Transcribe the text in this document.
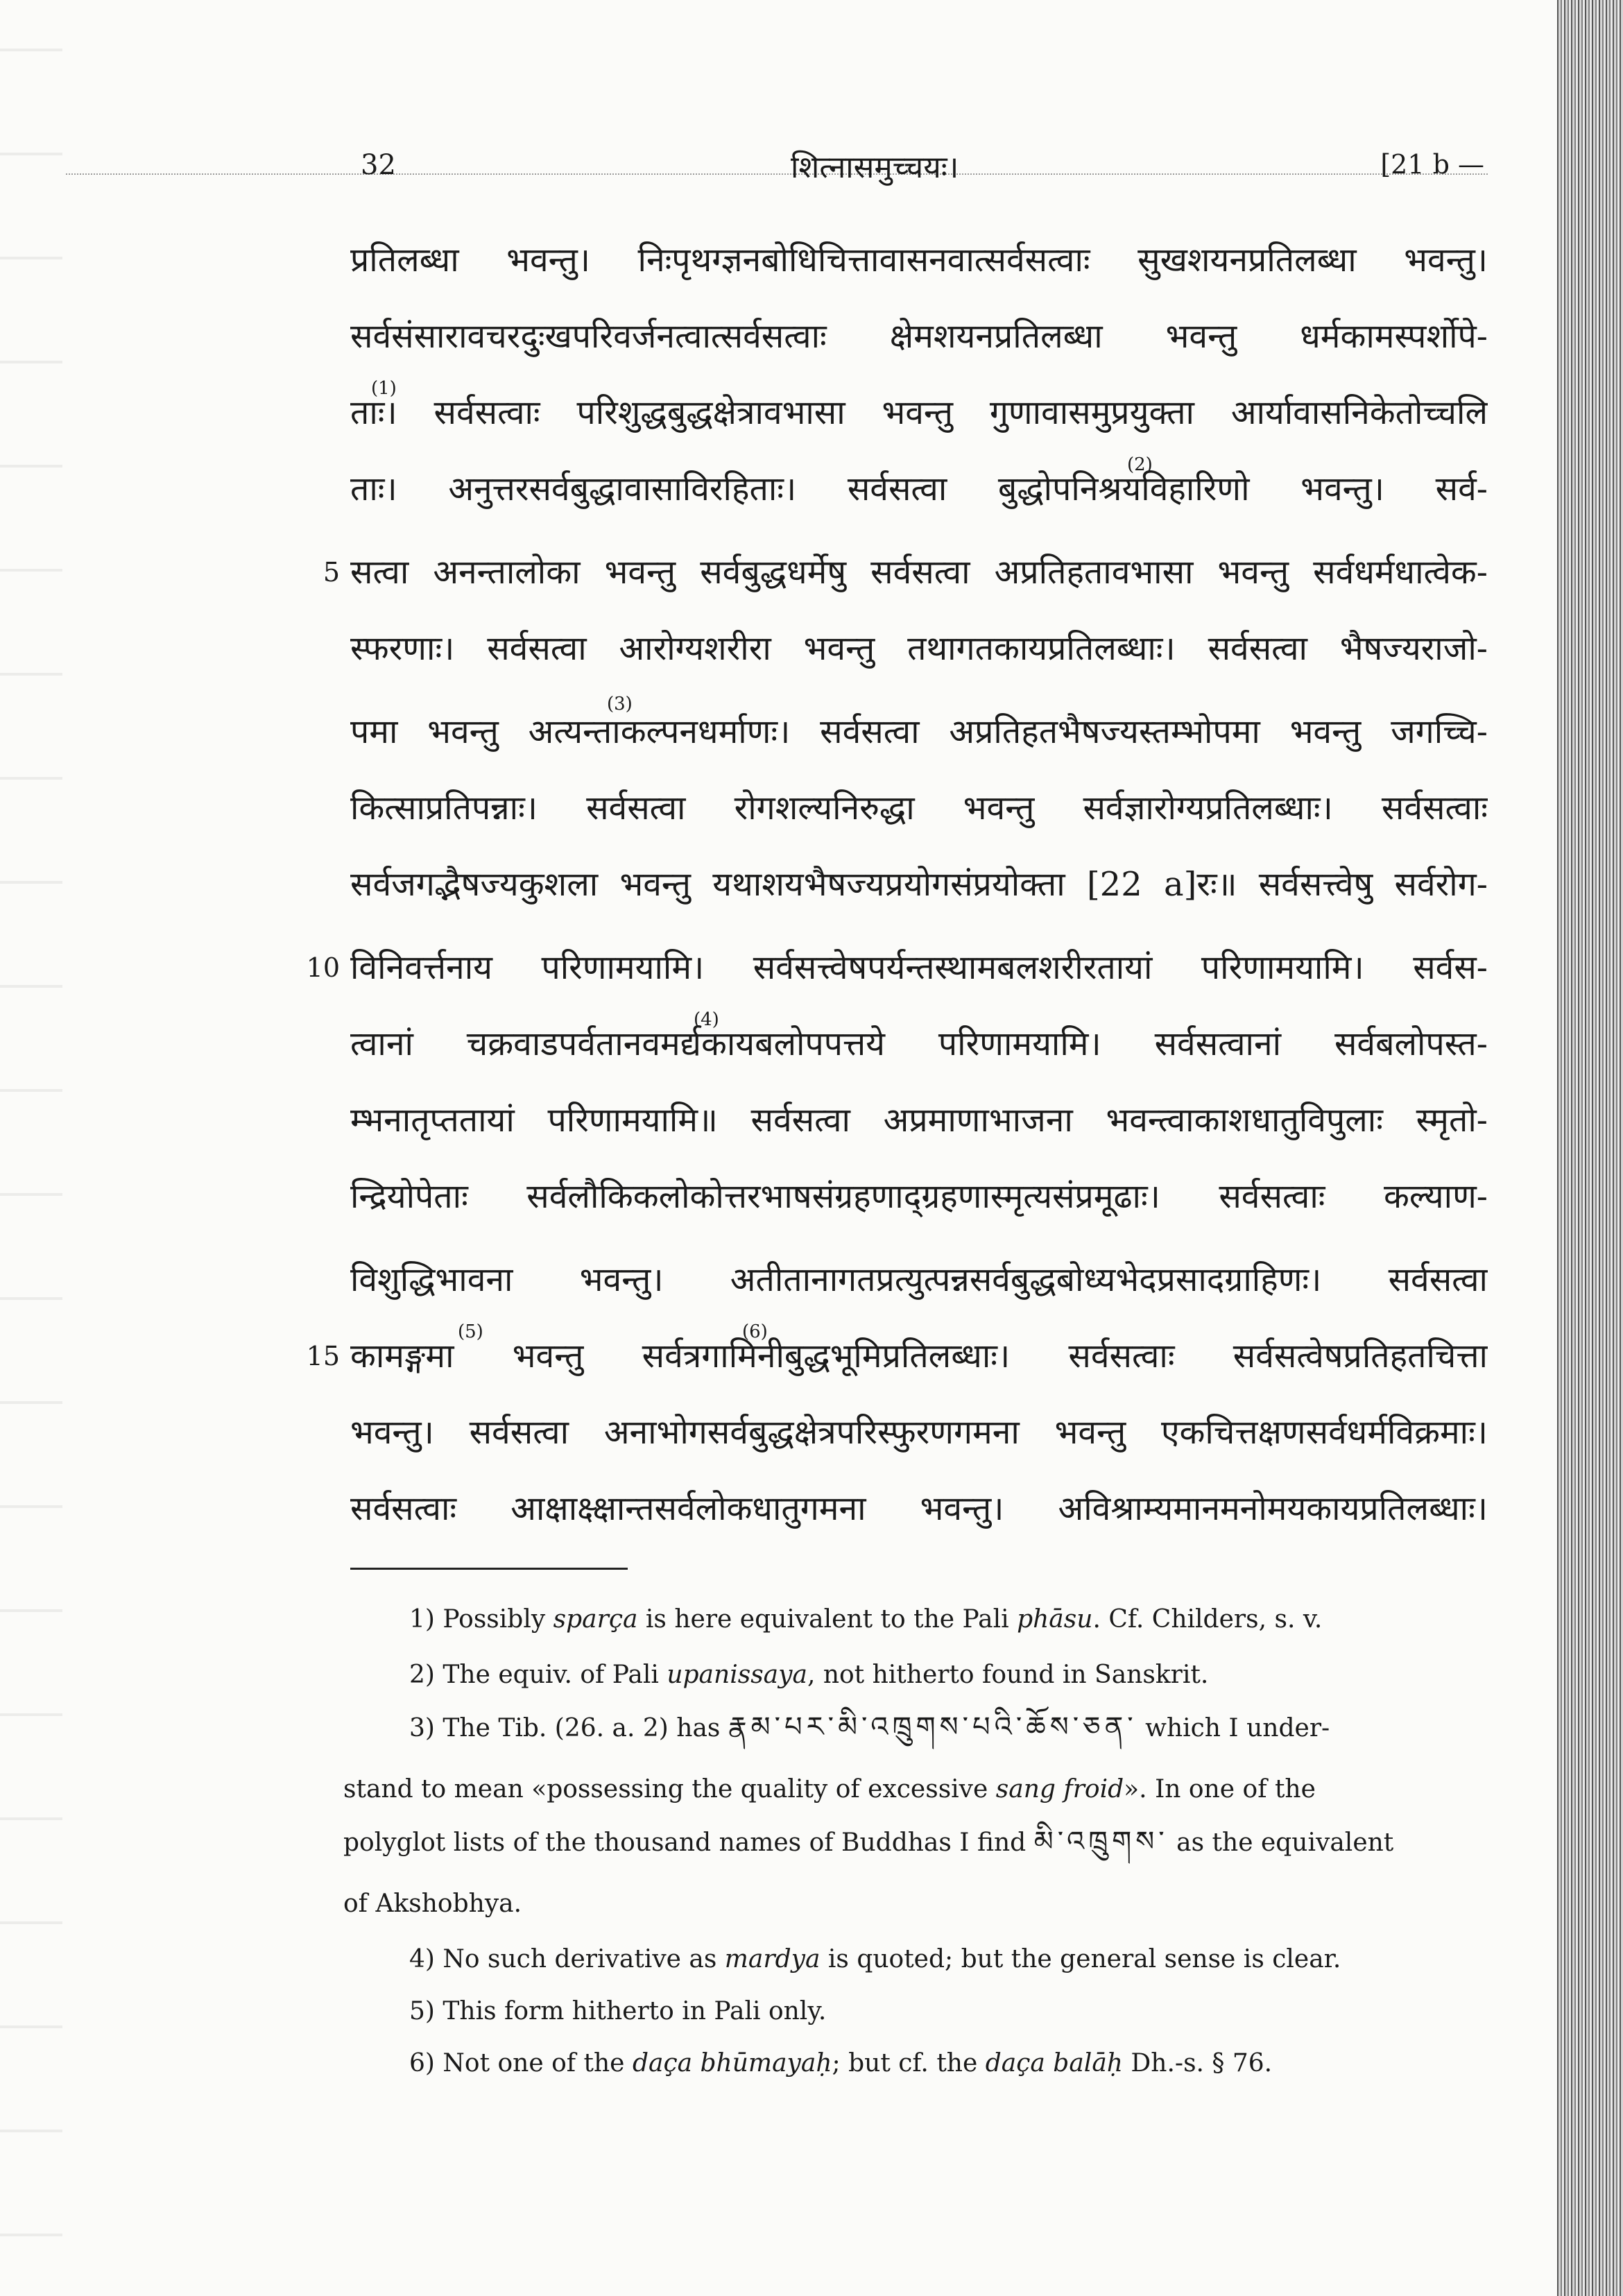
32	शित्नासमुच्चयः।	[21 b —
प्रतिलब्धा भवन्तु। निःपृथग्ज्ञनबोधिचित्तावासनवात्सर्वसत्वाः सुखशयनप्रतिलब्धा भवन्तु।
सर्वसंसारावचरदुःखपरिवर्जनत्वात्सर्वसत्वाः क्षेमशयनप्रतिलब्धा भवन्तु धर्मकामस्पर्शोपे-
ताः। सर्वसत्वाः परिशुद्धबुद्धक्षेत्रावभासा भवन्तु गुणावासमुप्रयुक्ता आर्यावासनिकेतोच्चलि
ताः। अनुत्तरसर्वबुद्धावासाविरहिताः। सर्वसत्वा बुद्धोपनिश्रयविहारिणो भवन्तु। सर्व-
5 सत्वा अनन्तालोका भवन्तु सर्वबुद्धधर्मेषु सर्वसत्वा अप्रतिहतावभासा भवन्तु सर्वधर्मधात्वेक-
स्फरणाः। सर्वसत्वा आरोग्यशरीरा भवन्तु तथागतकायप्रतिलब्धाः। सर्वसत्वा भैषज्यराजो-
पमा भवन्तु अत्यन्ताकल्पनधर्माणः। सर्वसत्वा अप्रतिहतभैषज्यस्तम्भोपमा भवन्तु जगच्चि-
कित्साप्रतिपन्नाः। सर्वसत्वा रोगशल्यनिरुद्धा भवन्तु सर्वज्ञारोग्यप्रतिलब्धाः। सर्वसत्वाः
सर्वजगद्भैषज्यकुशला भवन्तु यथाशयभैषज्यप्रयोगसंप्रयोक्ता [22 a]रः॥ सर्वसत्त्वेषु सर्वरोग-
10 विनिवर्त्तनाय परिणामयामि। सर्वसत्त्वेषपर्यन्तस्थामबलशरीरतायां परिणामयामि। सर्वस-
त्वानां चक्रवाडपर्वतानवमर्द्यकायबलोपपत्तये परिणामयामि। सर्वसत्वानां सर्वबलोपस्त-
म्भनातृप्ततायां परिणामयामि॥ सर्वसत्वा अप्रमाणाभाजना भवन्त्वाकाशधातुविपुलाः स्मृतो-
न्द्रियोपेताः सर्वलौकिकलोकोत्तरभाषसंग्रहणाद्ग्रहणास्मृत्यसंप्रमूढाः। सर्वसत्वाः कल्याण-
विशुद्धिभावना भवन्तु। अतीतानागतप्रत्युत्पन्नसर्वबुद्धबोध्यभेदप्रसादग्राहिणः। सर्वसत्वा
15 कामङ्गमा भवन्तु सर्वत्रगामिनीबुद्धभूमिप्रतिलब्धाः। सर्वसत्वाः सर्वसत्वेषप्रतिहतचित्ता
भवन्तु। सर्वसत्वा अनाभोगसर्वबुद्धक्षेत्रपरिस्फुरणगमना भवन्तु एकचित्तक्षणसर्वधर्मविक्रमाः।
सर्वसत्वाः आक्षाक्ष्क्षान्तसर्वलोकधातुगमना भवन्तु। अविश्राम्यमानमनोमयकायप्रतिलब्धाः।
(1)
(2)
(3)
(4)
(5)	(6)
1) Possibly sparça is here equivalent to the Pali phāsu. Cf. Childers, s. v.
2) The equiv. of Pali upanissaya, not hitherto found in Sanskrit.
3) The Tib. (26. a. 2) has རྣམ་པར་མི་འཁྲུགས་པའི་ཆོས་ཅན་ which I under-
stand to mean «possessing the quality of excessive sang froid». In one of the
polyglot lists of the thousand names of Buddhas I find མི་འཁྲུགས་ as the equivalent
of Akshobhya.
4) No such derivative as mardya is quoted; but the general sense is clear.
5) This form hitherto in Pali only.
6) Not one of the daça bhūmayaḥ; but cf. the daça balāḥ Dh.-s. § 76.
